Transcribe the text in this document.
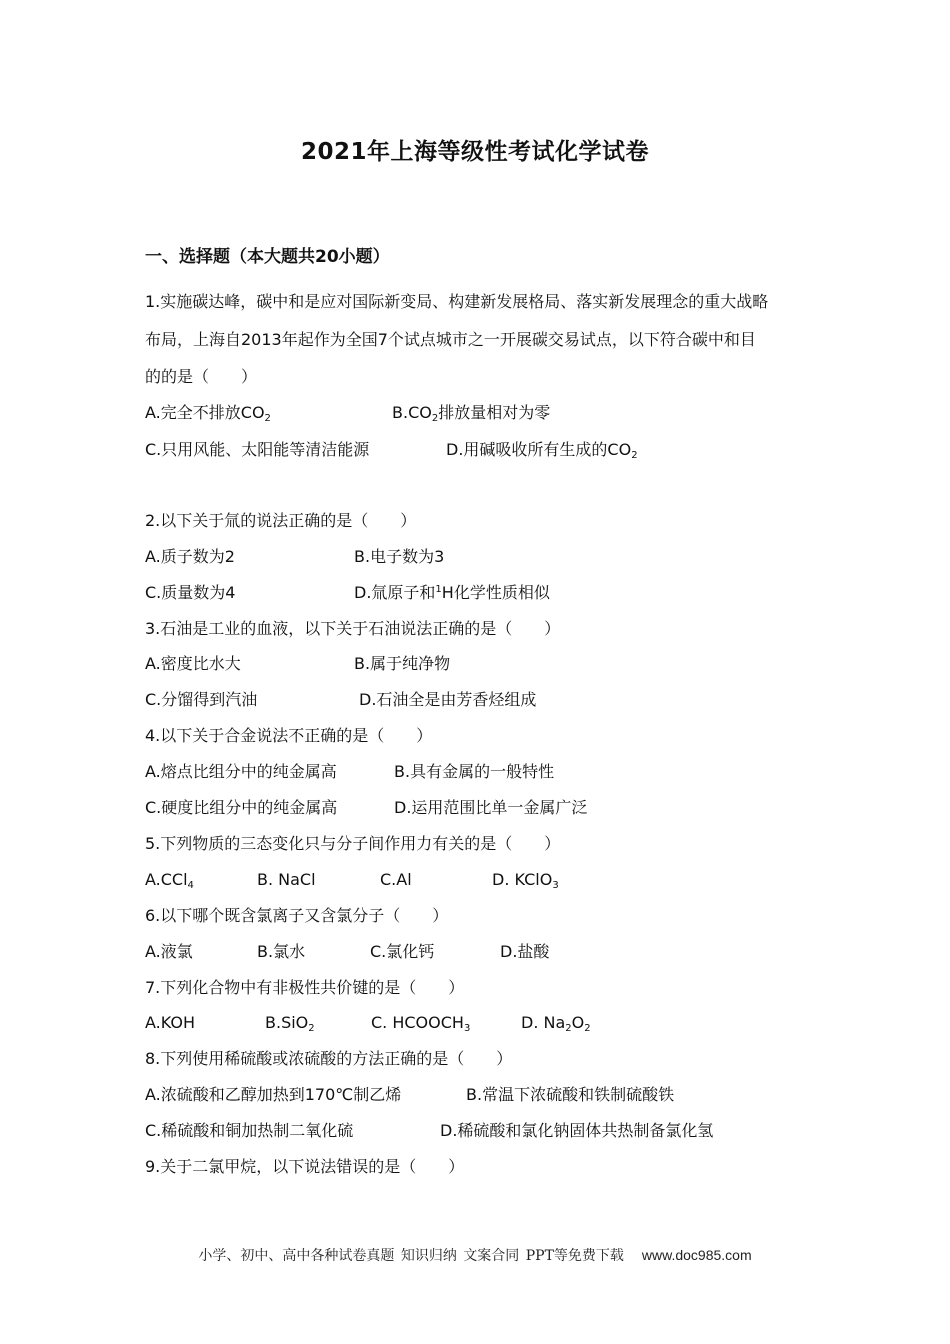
2021年上海等级性考试化学试卷
一、选择题（本大题共20小题）
1.实施碳达峰，碳中和是应对国际新变局、构建新发展格局、落实新发展理念的重大战略
布局，上海自2013年起作为全国7个试点城市之一开展碳交易试点，以下符合碳中和目
的的是（　　）
A.完全不排放$CO_2$	$B.CO_2$排放量相对为零
C.只用风能、太阳能等清洁能源	D.用碱吸收所有生成的$CO_2$
2.以下关于氚的说法正确的是（　　）
A.质子数为2	B.电子数为3
C.质量数为4	D.氚原子和$^1$H化学性质相似
3.石油是工业的血液，以下关于石油说法正确的是（　　）
A.密度比水大	B.属于纯净物
C.分馏得到汽油	D.石油全是由芳香烃组成
4.以下关于合金说法不正确的是（　　）
A.熔点比组分中的纯金属高	B.具有金属的一般特性
C.硬度比组分中的纯金属高	D.运用范围比单一金属广泛
5.下列物质的三态变化只与分子间作用力有关的是（　　）
A.CCl$_4$	B. NaCl	C.Al	D. KClO$_3$
6.以下哪个既含氯离子又含氯分子（　　）
A.液氯	B.氯水	C.氯化钙	D.盐酸
7.下列化合物中有非极性共价键的是（　　）
A.KOH	B.SiO$_2$	C. $HCOOCH_3$	D. $Na_2O_2$
8.下列使用稀硫酸或浓硫酸的方法正确的是（　　）
A.浓硫酸和乙醇加热到170℃制乙烯	B.常温下浓硫酸和铁制硫酸铁
C.稀硫酸和铜加热制二氧化硫	D.稀硫酸和氯化钠固体共热制备氯化氢
9.关于二氯甲烷，以下说法错误的是（　　）
小学、初中、高中各种试卷真题 知识归纳 文案合同 PPT等免费下载 www.doc985.com
